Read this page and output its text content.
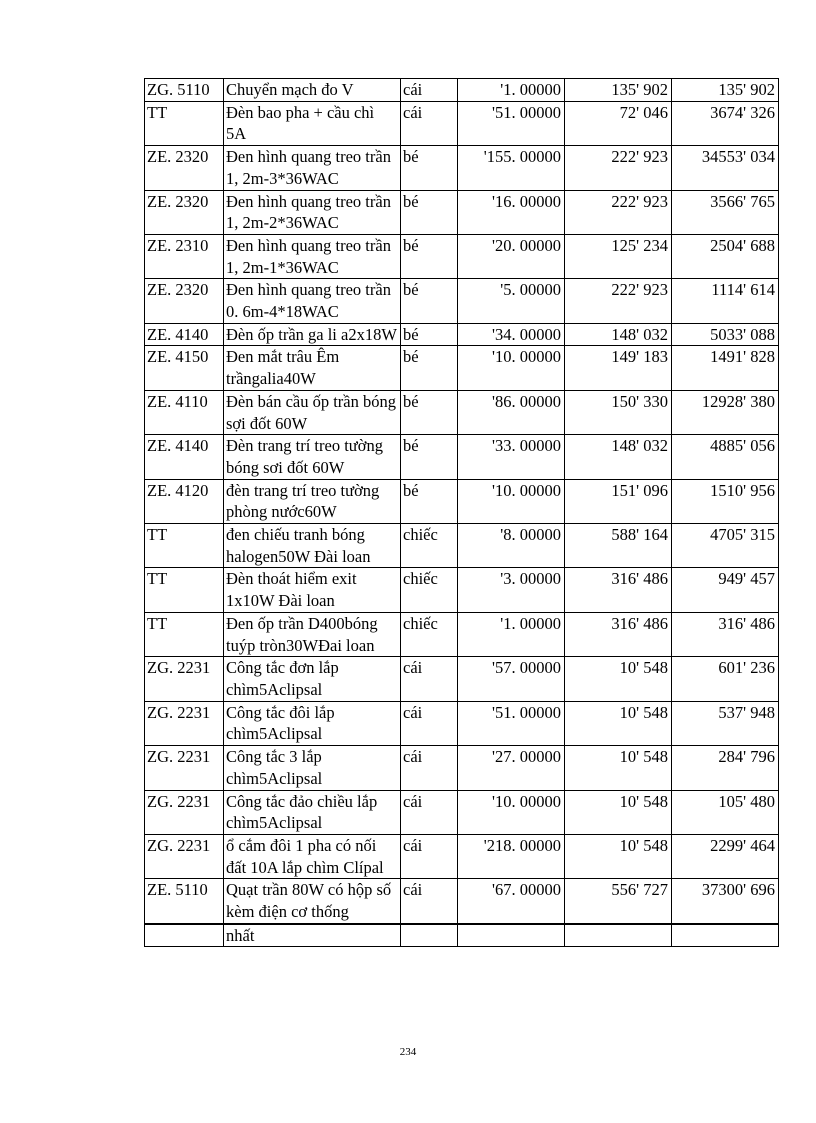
ZG. 5110	Chuyển mạch đo V	cái	'1. 00000	135' 902	135' 902
TT	Đèn bao pha + cầu chì 5A	cái	'51. 00000	72' 046	3674' 326
ZE. 2320	Đen hình quang treo trần 1, 2m-3*36WAC	bé	'155. 00000	222' 923	34553' 034
ZE. 2320	Đen hình quang treo trần 1, 2m-2*36WAC	bé	'16. 00000	222' 923	3566' 765
ZE. 2310	Đen hình quang treo trần 1, 2m-1*36WAC	bé	'20. 00000	125' 234	2504' 688
ZE. 2320	Đen hình quang treo trần 0. 6m-4*18WAC	bé	'5. 00000	222' 923	1114' 614
ZE. 4140	Đèn ốp trần ga li a2x18W	bé	'34. 00000	148' 032	5033' 088
ZE. 4150	Đen mắt trâu Êm trầngalia40W	bé	'10. 00000	149' 183	1491' 828
ZE. 4110	Đèn bán cầu ốp trần bóng sợi đốt 60W	bé	'86. 00000	150' 330	12928' 380
ZE. 4140	Đèn trang trí treo tường bóng sơi đốt 60W	bé	'33. 00000	148' 032	4885' 056
ZE. 4120	đèn trang trí treo tường phòng nước60W	bé	'10. 00000	151' 096	1510' 956
TT	đen chiếu tranh bóng halogen50W Đài loan	chiếc	'8. 00000	588' 164	4705' 315
TT	Đèn thoát hiểm exit 1x10W Đài loan	chiếc	'3. 00000	316' 486	949' 457
TT	Đen ốp trần D400bóng tuýp tròn30WĐai loan	chiếc	'1. 00000	316' 486	316' 486
ZG. 2231	Công tắc đơn lắp chìm5Aclipsal	cái	'57. 00000	10' 548	601' 236
ZG. 2231	Công tắc đôi lắp chìm5Aclipsal	cái	'51. 00000	10' 548	537' 948
ZG. 2231	Công tắc 3 lắp chìm5Aclipsal	cái	'27. 00000	10' 548	284' 796
ZG. 2231	Công tắc đảo chiều lắp chìm5Aclipsal	cái	'10. 00000	10' 548	105' 480
ZG. 2231	ổ cắm đôi 1 pha có nối đất 10A lắp chìm Clípal	cái	'218. 00000	10' 548	2299' 464
ZE. 5110	Quạt trần 80W có hộp số kèm điện cơ thống	cái	'67. 00000	556' 727	37300' 696
	nhất				
234
